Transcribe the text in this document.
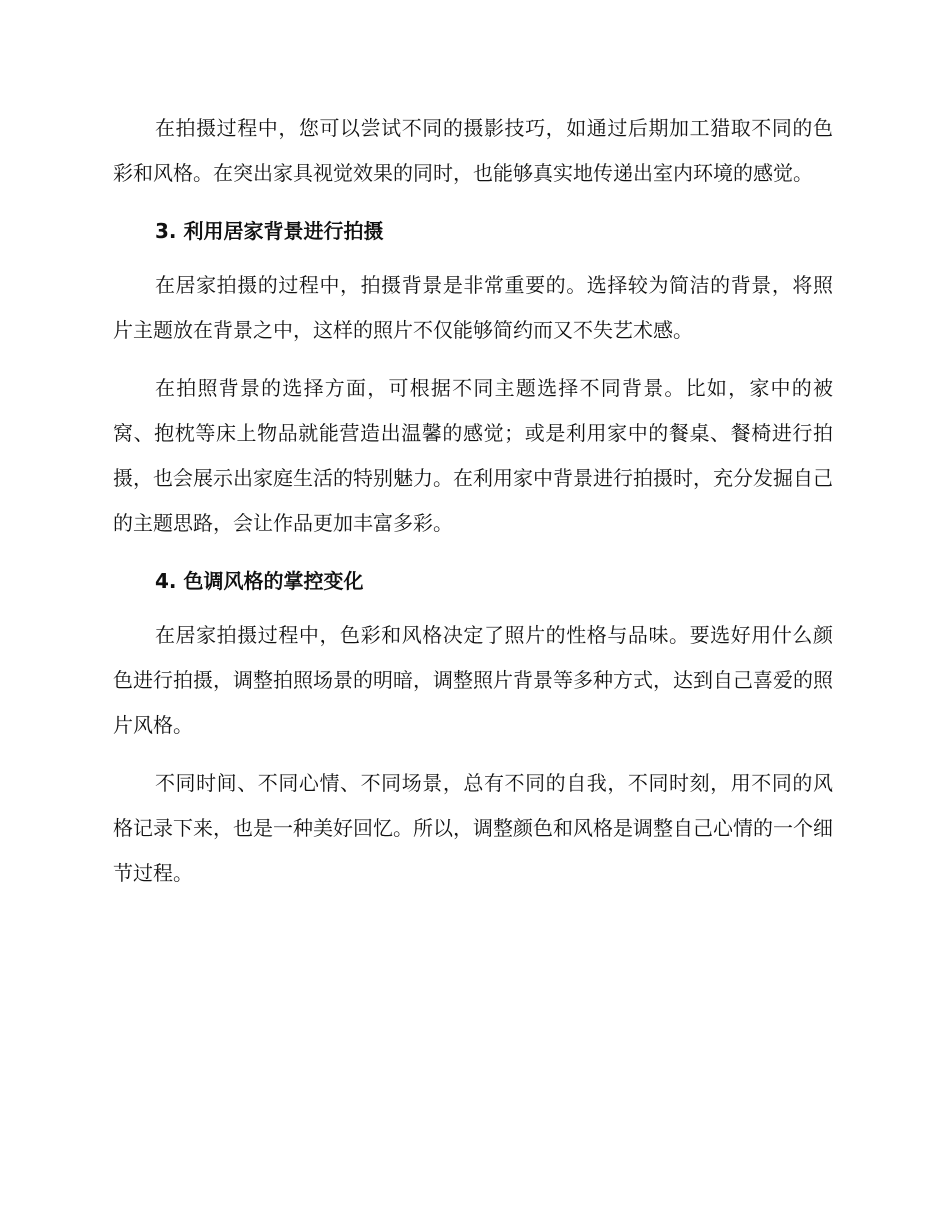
在拍摄过程中，您可以尝试不同的摄影技巧，如通过后期加工猎取不同的色彩和风格。在突出家具视觉效果的同时，也能够真实地传递出室内环境的感觉。

3. 利用居家背景进行拍摄

在居家拍摄的过程中，拍摄背景是非常重要的。选择较为简洁的背景，将照片主题放在背景之中，这样的照片不仅能够简约而又不失艺术感。

在拍照背景的选择方面，可根据不同主题选择不同背景。比如，家中的被窝、抱枕等床上物品就能营造出温馨的感觉；或是利用家中的餐桌、餐椅进行拍摄，也会展示出家庭生活的特别魅力。在利用家中背景进行拍摄时，充分发掘自己的主题思路，会让作品更加丰富多彩。

4. 色调风格的掌控变化

在居家拍摄过程中，色彩和风格决定了照片的性格与品味。要选好用什么颜色进行拍摄，调整拍照场景的明暗，调整照片背景等多种方式，达到自己喜爱的照片风格。

不同时间、不同心情、不同场景，总有不同的自我，不同时刻，用不同的风格记录下来，也是一种美好回忆。所以，调整颜色和风格是调整自己心情的一个细节过程。
